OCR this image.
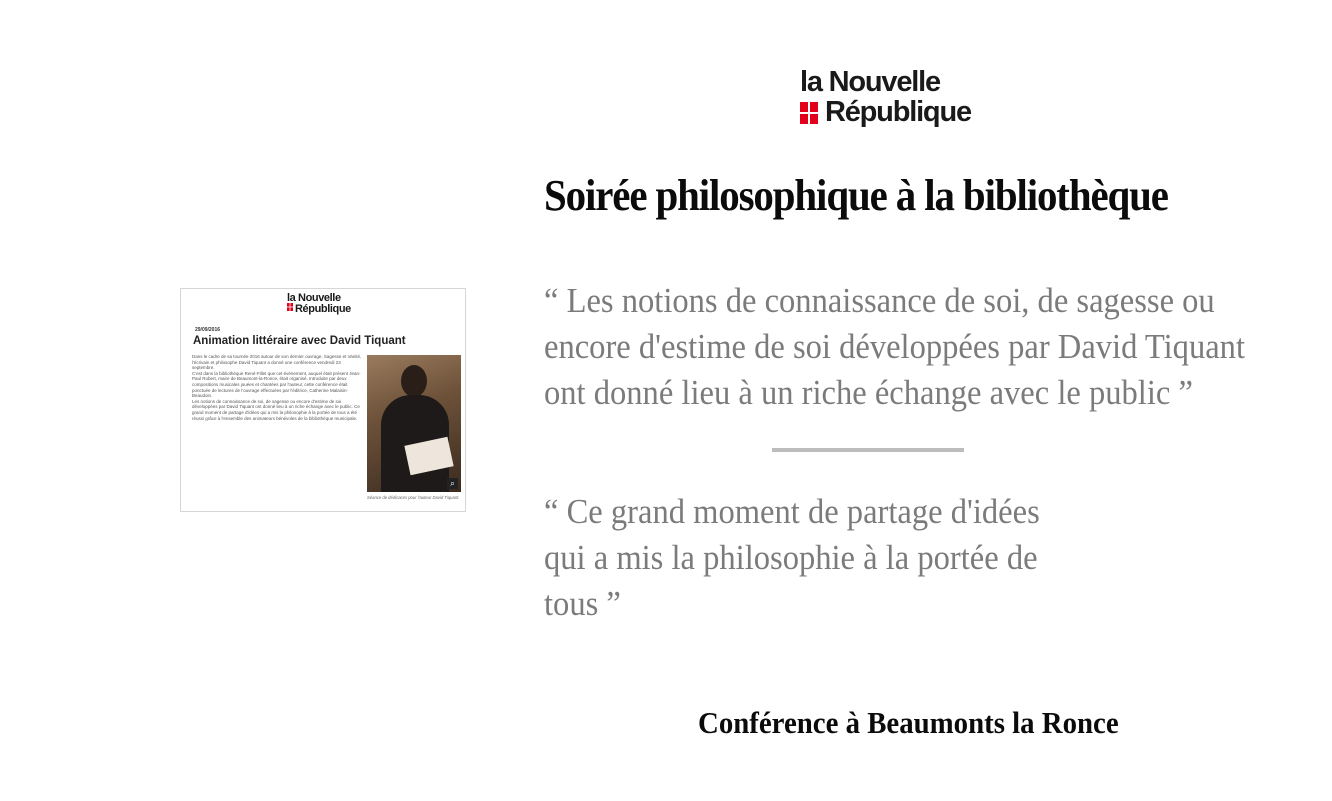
la Nouvelle
République
Soirée philosophique à la bibliothèque
la Nouvelle
République
29/09/2016
Animation littéraire avec David Tiquant

Dans le cadre de sa tournée 2016 autour de son dernier ouvrage, Sagesse et Vanité, l'écrivain et philosophe David Tiquant a donné une conférence vendredi 23 septembre.

C'est dans la bibliothèque René-Fillet que cet événement, auquel était présent Jean-Paul Robert, maire de Beaumont-la-Ronce, était organisé. Introduite par deux compositions musicales jouées et chantées par l'auteur, cette conférence était ponctuée de lectures de l'ouvrage effectuées par l'éditrice, Catherine Malaisin-Beaudoin.

Les notions de connaissance de soi, de sagesse ou encore d'estime de soi développées par David Tiquant ont donné lieu à un riche échange avec le public. Ce grand moment de partage d'idées qui a mis la philosophie à la portée de tous a été réussi grâce à l'ensemble des animateurs bénévoles de la bibliothèque municipale.

⌕
Séance de dédicaces pour l'auteur David Tiquant.
“ Les notions de connaissance de soi, de sagesse ou encore d'estime de soi développées par David Tiquant ont donné lieu à un riche échange avec le public ”
“ Ce grand moment de partage d'idées qui a mis la philosophie à la portée de tous ”
Conférence à Beaumonts la Ronce
